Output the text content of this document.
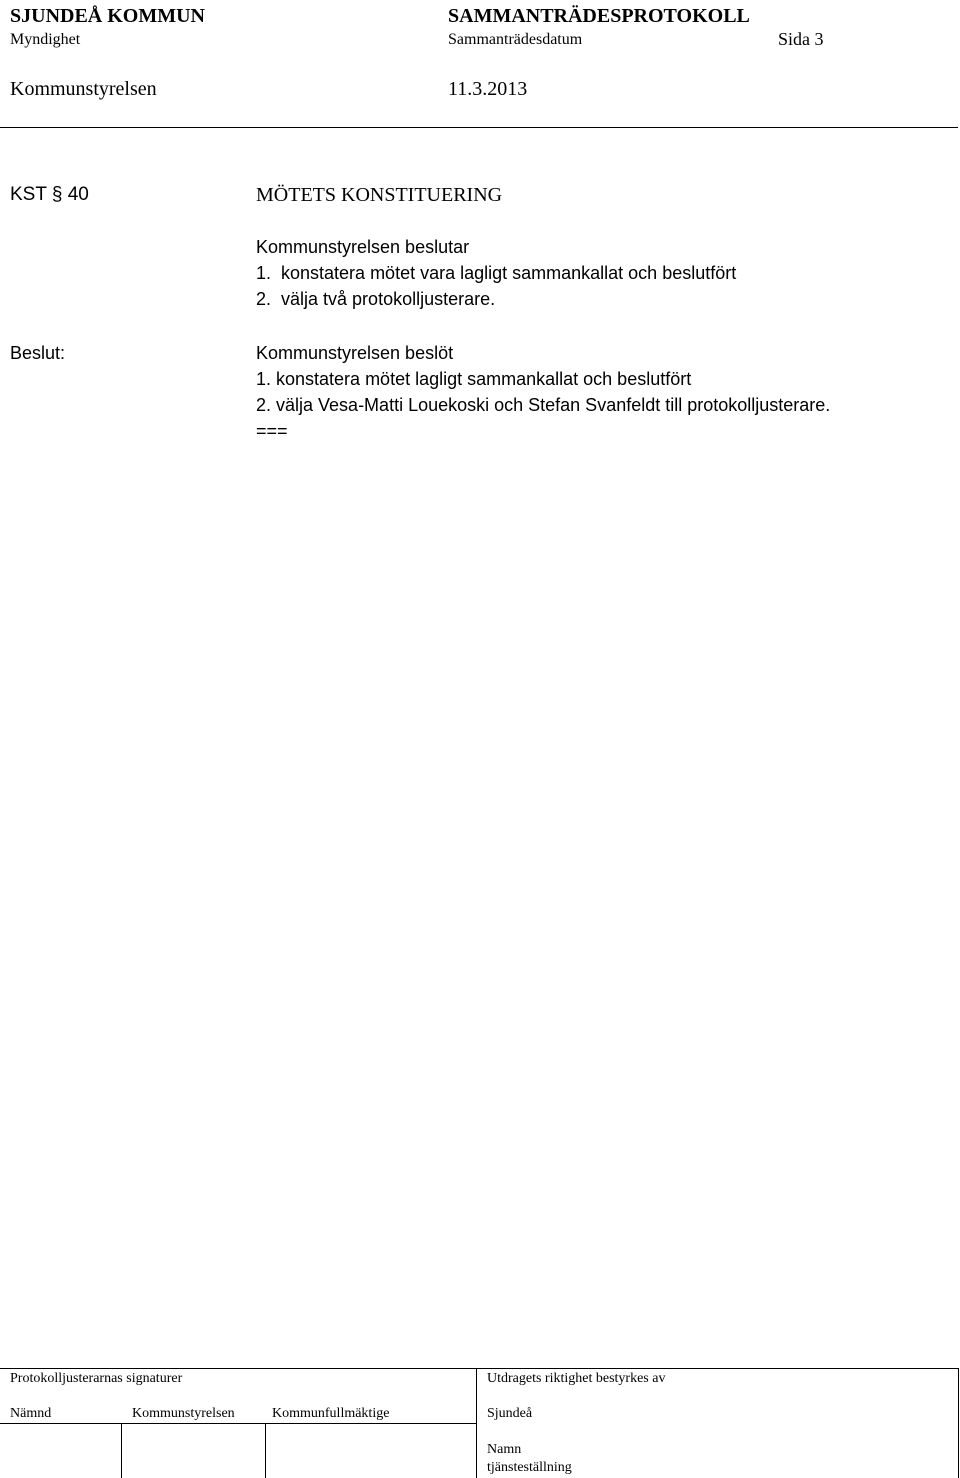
SJUNDEÅ KOMMUN	SAMMANTRÄDESPROTOKOLL
Myndighet	Sammanträdesdatum	Sida 3
Kommunstyrelsen	11.3.2013
KST § 40	MÖTETS KONSTITUERING
Kommunstyrelsen beslutar
1.  konstatera mötet vara lagligt sammankallat och beslutfört
2.  välja två protokolljusterare.
Beslut:	Kommunstyrelsen beslöt
1. konstatera mötet lagligt sammankallat och beslutfört
2. välja Vesa-Matti Louekoski och Stefan Svanfeldt till protokolljusterare.
===
Protokolljusterarnas signaturer	Utdragets riktighet bestyrkes av
Nämnd	Kommunstyrelsen	Kommunfullmäktige	Sjundeå
Namn
tjänsteställning
